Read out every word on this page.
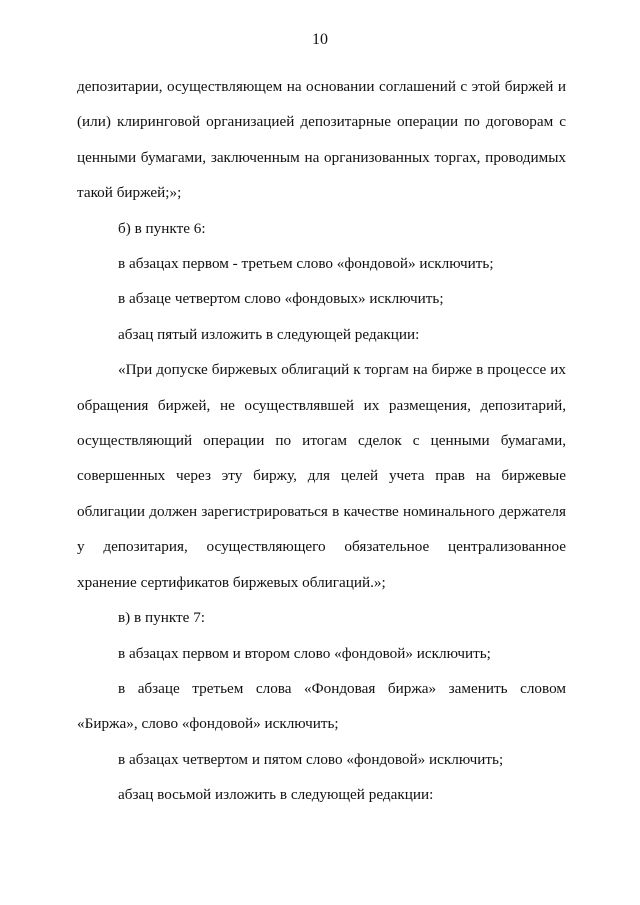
10

депозитарии, осуществляющем на основании соглашений с этой биржей и (или) клиринговой организацией депозитарные операции по договорам с ценными бумагами, заключенным на организованных торгах, проводимых такой биржей;»;

б) в пункте 6:

в абзацах первом - третьем слово «фондовой» исключить;

в абзаце четвертом слово «фондовых» исключить;

абзац пятый изложить в следующей редакции:

«При допуске биржевых облигаций к торгам на бирже в процессе их обращения биржей, не осуществлявшей их размещения, депозитарий, осуществляющий операции по итогам сделок с ценными бумагами, совершенных через эту биржу, для целей учета прав на биржевые облигации должен зарегистрироваться в качестве номинального держателя у депозитария, осуществляющего обязательное централизованное хранение сертификатов биржевых облигаций.»;

в) в пункте 7:

в абзацах первом и втором слово «фондовой» исключить;

в абзаце третьем слова «Фондовая биржа» заменить словом «Биржа», слово «фондовой» исключить;

в абзацах четвертом и пятом слово «фондовой» исключить;

абзац восьмой изложить в следующей редакции:
